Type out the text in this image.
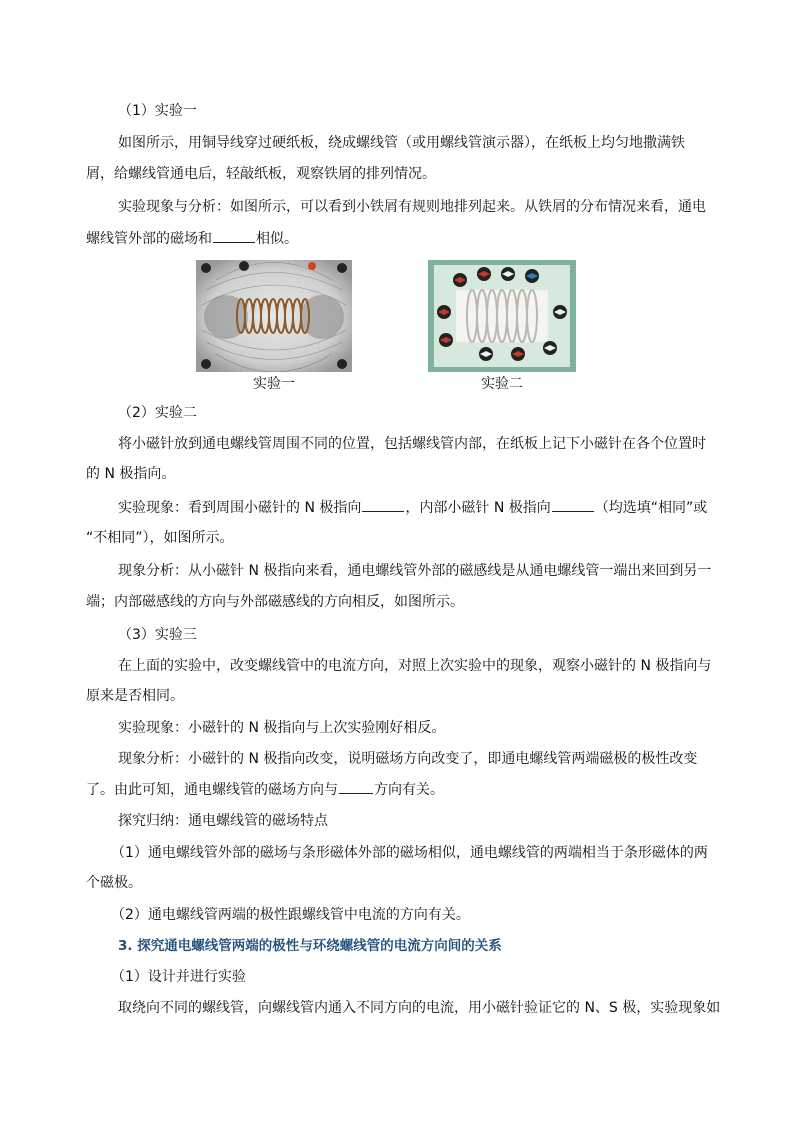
（1）实验一
如图所示，用铜导线穿过硬纸板，绕成螺线管（或用螺线管演示器），在纸板上均匀地撒满铁
屑，给螺线管通电后，轻敲纸板，观察铁屑的排列情况。
实验现象与分析：如图所示，可以看到小铁屑有规则地排列起来。从铁屑的分布情况来看，通电
螺线管外部的磁场和	相似。
实验一	实验二
（2）实验二
将小磁针放到通电螺线管周围不同的位置，包括螺线管内部，在纸板上记下小磁针在各个位置时
的 N 极指向。
实验现象：看到周围小磁针的 N 极指向	，内部小磁针 N 极指向	（均选填“相同”或
“不相同”），如图所示。
现象分析：从小磁针 N 极指向来看，通电螺线管外部的磁感线是从通电螺线管一端出来回到另一
端；内部磁感线的方向与外部磁感线的方向相反，如图所示。
（3）实验三
在上面的实验中，改变螺线管中的电流方向，对照上次实验中的现象，观察小磁针的 N 极指向与
原来是否相同。
实验现象：小磁针的 N 极指向与上次实验刚好相反。
现象分析：小磁针的 N 极指向改变，说明磁场方向改变了，即通电螺线管两端磁极的极性改变
了。由此可知，通电螺线管的磁场方向与	方向有关。
探究归纳：通电螺线管的磁场特点
（1）通电螺线管外部的磁场与条形磁体外部的磁场相似，通电螺线管的两端相当于条形磁体的两
个磁极。
（2）通电螺线管两端的极性跟螺线管中电流的方向有关。
3. 探究通电螺线管两端的极性与环绕螺线管的电流方向间的关系
（1）设计并进行实验
取绕向不同的螺线管，向螺线管内通入不同方向的电流，用小磁针验证它的 N、S 极，实验现象如
